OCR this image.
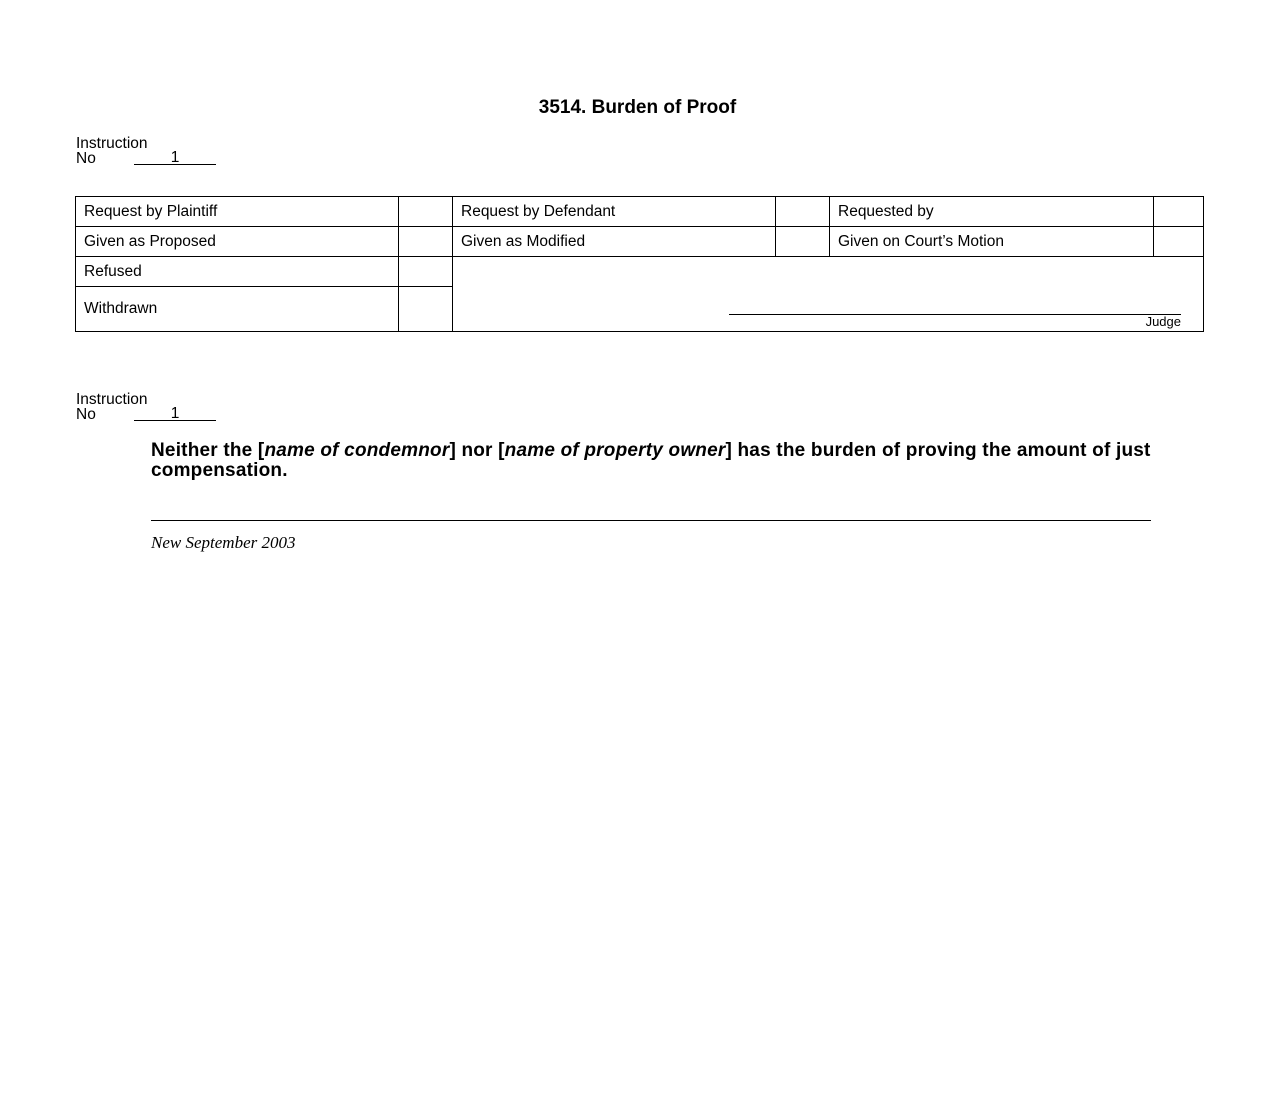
3514. Burden of Proof
Instruction
No	1
Request by Plaintiff		Request by Defendant		Requested by	
Given as Proposed		Given as Modified		Given on Court’s Motion	
Refused		Judge			

Withdrawn					
Instruction
No	1
Neither the [name of condemnor] nor [name of property owner] has the burden of proving the amount of just compensation.
New September 2003
